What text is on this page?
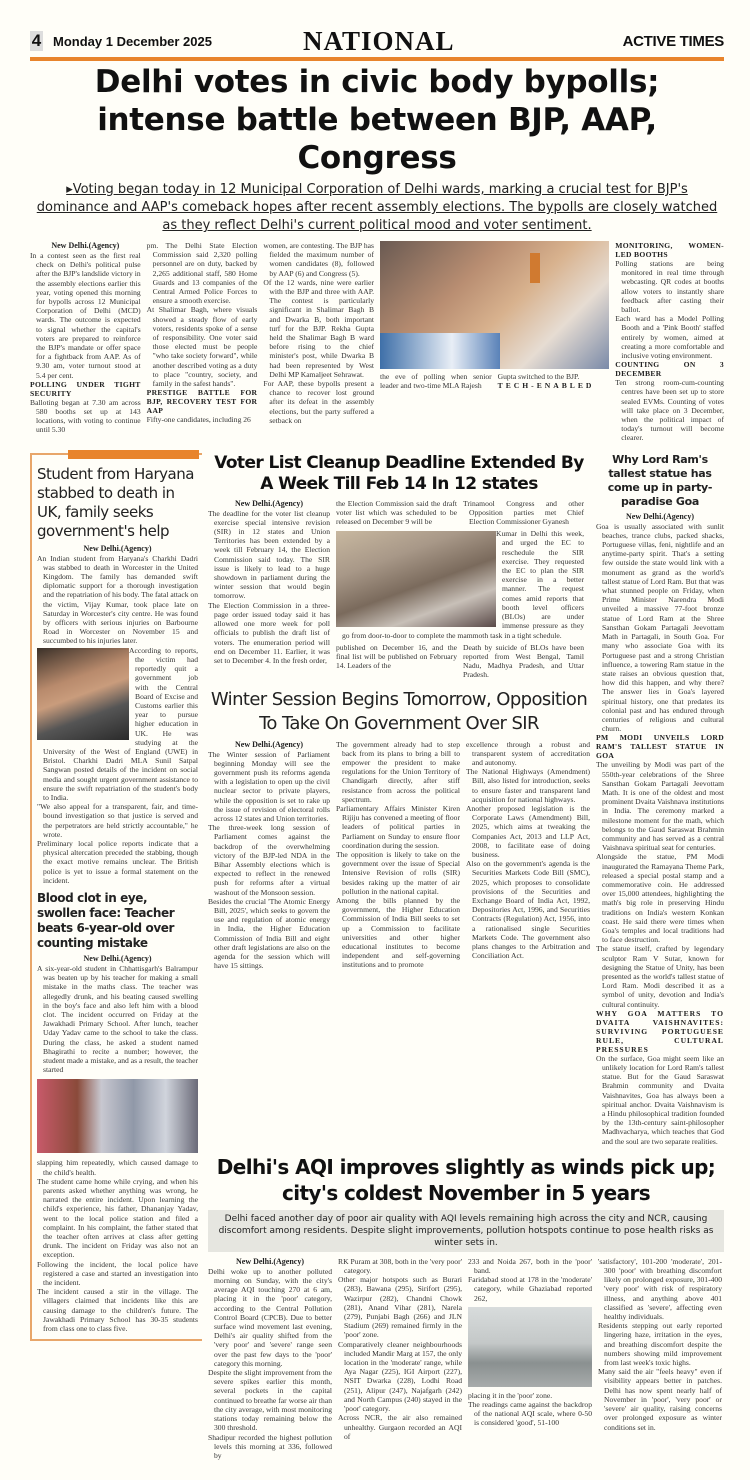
4 Monday 1 December 2025	NATIONAL	ACTIVE TIMES
Delhi votes in civic body bypolls; intense battle between BJP, AAP, Congress
▸Voting began today in 12 Municipal Corporation of Delhi wards, marking a crucial test for BJP's dominance and AAP's comeback hopes after recent assembly elections. The bypolls are closely watched as they reflect Delhi's current political mood and voter sentiment.
New Delhi.(Agency)

In a contest seen as the first real check on Delhi's political pulse after the BJP's landslide victory in the assembly elections earlier this year, voting opened this morning for bypolls across 12 Municipal Corporation of Delhi (MCD) wards. The outcome is expected to signal whether the capital's voters are prepared to reinforce the BJP's mandate or offer space for a fightback from AAP. As of 9.30 am, voter turnout stood at 5.4 per cent.

POLLING UNDER TIGHT SECURITY

Balloting began at 7.30 am across 580 booths set up at 143 locations, with voting to continue until 5.30

pm. The Delhi State Election Commission said 2,320 polling personnel are on duty, backed by 2,265 additional staff, 580 Home Guards and 13 companies of the Central Armed Police Forces to ensure a smooth exercise.

At Shalimar Bagh, where visuals showed a steady flow of early voters, residents spoke of a sense of responsibility. One voter said those elected must be people "who take society forward", while another described voting as a duty to place "country, society, and family in the safest hands".

PRESTIGE BATTLE FOR BJP, RECOVERY TEST FOR AAP

Fifty-one candidates, including 26

women, are contesting. The BJP has fielded the maximum number of women candidates (8), followed by AAP (6) and Congress (5).

Of the 12 wards, nine were earlier with the BJP and three with AAP. The contest is particularly significant in Shalimar Bagh B and Dwarka B, both important turf for the BJP. Rekha Gupta held the Shalimar Bagh B ward before rising to the chief minister's post, while Dwarka B had been represented by West Delhi MP Kamaljeet Sehrawat.

For AAP, these bypolls present a chance to recover lost ground after its defeat in the assembly elections, but the party suffered a setback on

the eve of polling when senior leader and two-time MLA Rajesh

Gupta switched to the BJP.

TECH-ENABLED
MONITORING, WOMEN-LED BOOTHS

Polling stations are being monitored in real time through webcasting. QR codes at booths allow voters to instantly share feedback after casting their ballot.

Each ward has a Model Polling Booth and a 'Pink Booth' staffed entirely by women, aimed at creating a more comfortable and inclusive voting environment.

COUNTING ON 3 DECEMBER

Ten strong room-cum-counting centres have been set up to store sealed EVMs. Counting of votes will take place on 3 December, when the political impact of today's turnout will become clearer.

Student from Haryana stabbed to death in UK, family seeks government's help
New Delhi.(Agency)

An Indian student from Haryana's Charkhi Dadri was stabbed to death in Worcester in the United Kingdom. The family has demanded swift diplomatic support for a thorough investigation and the repatriation of his body. The fatal attack on the victim, Vijay Kumar, took place late on Saturday in Worcester's city centre. He was found by officers with serious injuries on Barbourne Road in Worcester on November 15 and succumbed to his injuries later.

According to reports, the victim had reportedly quit a government job with the Central Board of Excise and Customs earlier this year to pursue higher education in UK. He was studying at the University of the West of England (UWE) in Bristol. Charkhi Dadri MLA Sunil Satpal Sangwan posted details of the incident on social media and sought urgent government assistance to ensure the swift repatriation of the student's body to India.

"We also appeal for a transparent, fair, and time-bound investigation so that justice is served and the perpetrators are held strictly accountable," he wrote.

Preliminary local police reports indicate that a physical altercation preceded the stabbing, though the exact motive remains unclear. The British police is yet to issue a formal statement on the incident.

Blood clot in eye, swollen face: Teacher beats 6-year-old over counting mistake
New Delhi.(Agency)

A six-year-old student in Chhattisgarh's Balrampur was beaten up by his teacher for making a small mistake in the maths class. The teacher was allegedly drunk, and his beating caused swelling in the boy's face and also left him with a blood clot. The incident occurred on Friday at the Jawakhadi Primary School. After lunch, teacher Uday Yadav came to the school to take the class. During the class, he asked a student named Bhagirathi to recite a number; however, the student made a mistake, and as a result, the teacher started

slapping him repeatedly, which caused damage to the child's health.

The student came home while crying, and when his parents asked whether anything was wrong, he narrated the entire incident. Upon learning the child's experience, his father, Dhananjay Yadav, went to the local police station and filed a complaint. In his complaint, the father stated that the teacher often arrives at class after getting drunk. The incident on Friday was also not an exception.

Following the incident, the local police have registered a case and started an investigation into the incident.

The incident caused a stir in the village. The villagers claimed that incidents like this are causing damage to the children's future. The Jawakhadi Primary School has 30-35 students from class one to class five.

Voter List Cleanup Deadline Extended By A Week Till Feb 14 In 12 states
New Delhi.(Agency)

The deadline for the voter list cleanup exercise special intensive revision (SIR) in 12 states and Union Territories has been extended by a week till February 14, the Election Commission said today. The SIR issue is likely to lead to a huge showdown in parliament during the winter session that would begin tomorrow.

The Election Commission in a three-page order issued today said it has allowed one more week for poll officials to publish the draft list of voters. The enumeration period will end on December 11. Earlier, it was set to December 4. In the fresh order,

the Election Commission said the draft voter list which was scheduled to be released on December 9 will be

Trinamool Congress and other Opposition parties met Chief Election Commissioner Gyanesh

Kumar in Delhi this week, and urged the EC to reschedule the SIR exercise. They requested the EC to plan the SIR exercise in a better manner. The request comes amid reports that booth level officers (BLOs) are under immense pressure as they go from door-to-door to complete the mammoth task in a tight schedule.

published on December 16, and the final list will be published on February 14. Leaders of the
Death by suicide of BLOs have been reported from West Bengal, Tamil Nadu, Madhya Pradesh, and Uttar Pradesh.
Winter Session Begins Tomorrow, Opposition To Take On Government Over SIR
New Delhi.(Agency)

The Winter session of Parliament beginning Monday will see the government push its reforms agenda with a legislation to open up the civil nuclear sector to private players, while the opposition is set to rake up the issue of revision of electoral rolls across 12 states and Union territories.

The three-week long session of Parliament comes against the backdrop of the overwhelming victory of the BJP-led NDA in the Bihar Assembly elections which is expected to reflect in the renewed push for reforms after a virtual washout of the Monsoon session.

Besides the crucial 'The Atomic Energy Bill, 2025', which seeks to govern the use and regulation of atomic energy in India, the Higher Education Commission of India Bill and eight other draft legislations are also on the agenda for the session which will have 15 sittings.

The government already had to step back from its plans to bring a bill to empower the president to make regulations for the Union Territory of Chandigarh directly, after stiff resistance from across the political spectrum.

Parliamentary Affairs Minister Kiren Rijiju has convened a meeting of floor leaders of political parties in Parliament on Sunday to ensure floor coordination during the session.

The opposition is likely to take on the government over the issue of Special Intensive Revision of rolls (SIR) besides raking up the matter of air pollution in the national capital.

Among the bills planned by the government, the Higher Education Commission of India Bill seeks to set up a Commission to facilitate universities and other higher educational institutes to become independent and self-governing institutions and to promote

excellence through a robust and transparent system of accreditation and autonomy.

The National Highways (Amendment) Bill, also listed for introduction, seeks to ensure faster and transparent land acquisition for national highways.

Another proposed legislation is the Corporate Laws (Amendment) Bill, 2025, which aims at tweaking the Companies Act, 2013 and LLP Act, 2008, to facilitate ease of doing business.

Also on the government's agenda is the Securities Markets Code Bill (SMC), 2025, which proposes to consolidate provisions of the Securities and Exchange Board of India Act, 1992, Depositories Act, 1996, and Securities Contracts (Regulation) Act, 1956, into a rationalised single Securities Markets Code. The government also plans changes to the Arbitration and Conciliation Act.

Why Lord Ram's tallest statue has come up in party-paradise Goa
New Delhi.(Agency)

Goa is usually associated with sunlit beaches, trance clubs, packed shacks, Portuguese villas, feni, nightlife and an anytime-party spirit. That's a setting few outside the state would link with a monument as grand as the world's tallest statue of Lord Ram. But that was what stunned people on Friday, when Prime Minister Narendra Modi unveiled a massive 77-foot bronze statue of Lord Ram at the Shree Sansthan Gokam Partagali Jeevottam Math in Partagali, in South Goa. For many who associate Goa with its Portuguese past and a strong Christian influence, a towering Ram statue in the state raises an obvious question that, how did this happen, and why there? The answer lies in Goa's layered spiritual history, one that predates its colonial past and has endured through centuries of religious and cultural churn.

PM MODI UNVEILS LORD RAM'S TALLEST STATUE IN GOA

The unveiling by Modi was part of the 550th-year celebrations of the Shree Sansthan Gokam Partagali Jeevottam Math. It is one of the oldest and most prominent Dvaita Vaishnava institutions in India. The ceremony marked a milestone moment for the math, which belongs to the Gaud Saraswat Brahmin community and has served as a central Vaishnava spiritual seat for centuries.

Alongside the statue, PM Modi inaugurated the Ramayana Theme Park, released a special postal stamp and a commemorative coin. He addressed over 15,000 attendees, highlighting the math's big role in preserving Hindu traditions on India's western Konkan coast. He said there were times when Goa's temples and local traditions had to face destruction.

The statue itself, crafted by legendary sculptor Ram V Sutar, known for designing the Statue of Unity, has been presented as the world's tallest statue of Lord Ram. Modi described it as a symbol of unity, devotion and India's cultural continuity.

WHY GOA MATTERS TO DVAITA VAISHNAVITES: SURVIVING PORTUGUESE RULE, CULTURAL PRESSURES

On the surface, Goa might seem like an unlikely location for Lord Ram's tallest statue. But for the Gaud Saraswat Brahmin community and Dvaita Vaishnavites, Goa has always been a spiritual anchor. Dvaita Vaishnavism is a Hindu philosophical tradition founded by the 13th-century saint-philosopher Madhvacharya, which teaches that God and the soul are two separate realities.

Delhi's AQI improves slightly as winds pick up; city's coldest November in 5 years
Delhi faced another day of poor air quality with AQI levels remaining high across the city and NCR, causing discomfort among residents. Despite slight improvements, pollution hotspots continue to pose health risks as winter sets in.
New Delhi.(Agency)

Delhi woke up to another polluted morning on Sunday, with the city's average AQI touching 270 at 6 am, placing it in the 'poor' category, according to the Central Pollution Control Board (CPCB). Due to better surface wind movement last evening, Delhi's air quality shifted from the 'very poor' and 'severe' range seen over the past few days to the 'poor' category this morning.

Despite the slight improvement from the severe spikes earlier this month, several pockets in the capital continued to breathe far worse air than the city average, with most monitoring stations today remaining below the 300 threshold.

Shadipur recorded the highest pollution levels this morning at 336, followed by

RK Puram at 308, both in the 'very poor' category.

Other major hotspots such as Burari (283), Bawana (295), Sirifort (295), Wazirpur (282), Chandni Chowk (281), Anand Vihar (281), Narela (279), Punjabi Bagh (266) and JLN Stadium (269) remained firmly in the 'poor' zone.

Comparatively cleaner neighbourhoods included Mandir Marg at 157, the only location in the 'moderate' range, while Aya Nagar (225), IGI Airport (227), NSIT Dwarka (228), Lodhi Road (251), Alipur (247), Najafgarh (242) and North Campus (240) stayed in the 'poor' category.

Across NCR, the air also remained unhealthy. Gurgaon recorded an AQI of

233 and Noida 267, both in the 'poor' band.

Faridabad stood at 178 in the 'moderate' category, while Ghaziabad reported 262,

placing it in the 'poor' zone.

The readings came against the backdrop of the national AQI scale, where 0-50 is considered 'good', 51-100

'satisfactory', 101-200 'moderate', 201-300 'poor' with breathing discomfort likely on prolonged exposure, 301-400 'very poor' with risk of respiratory illness, and anything above 401 classified as 'severe', affecting even healthy individuals.

Residents stepping out early reported lingering haze, irritation in the eyes, and breathing discomfort despite the numbers showing mild improvement from last week's toxic highs.

Many said the air "feels heavy" even if visibility appears better in patches. Delhi has now spent nearly half of November in 'poor', 'very poor' or 'severe' air quality, raising concerns over prolonged exposure as winter conditions set in.
